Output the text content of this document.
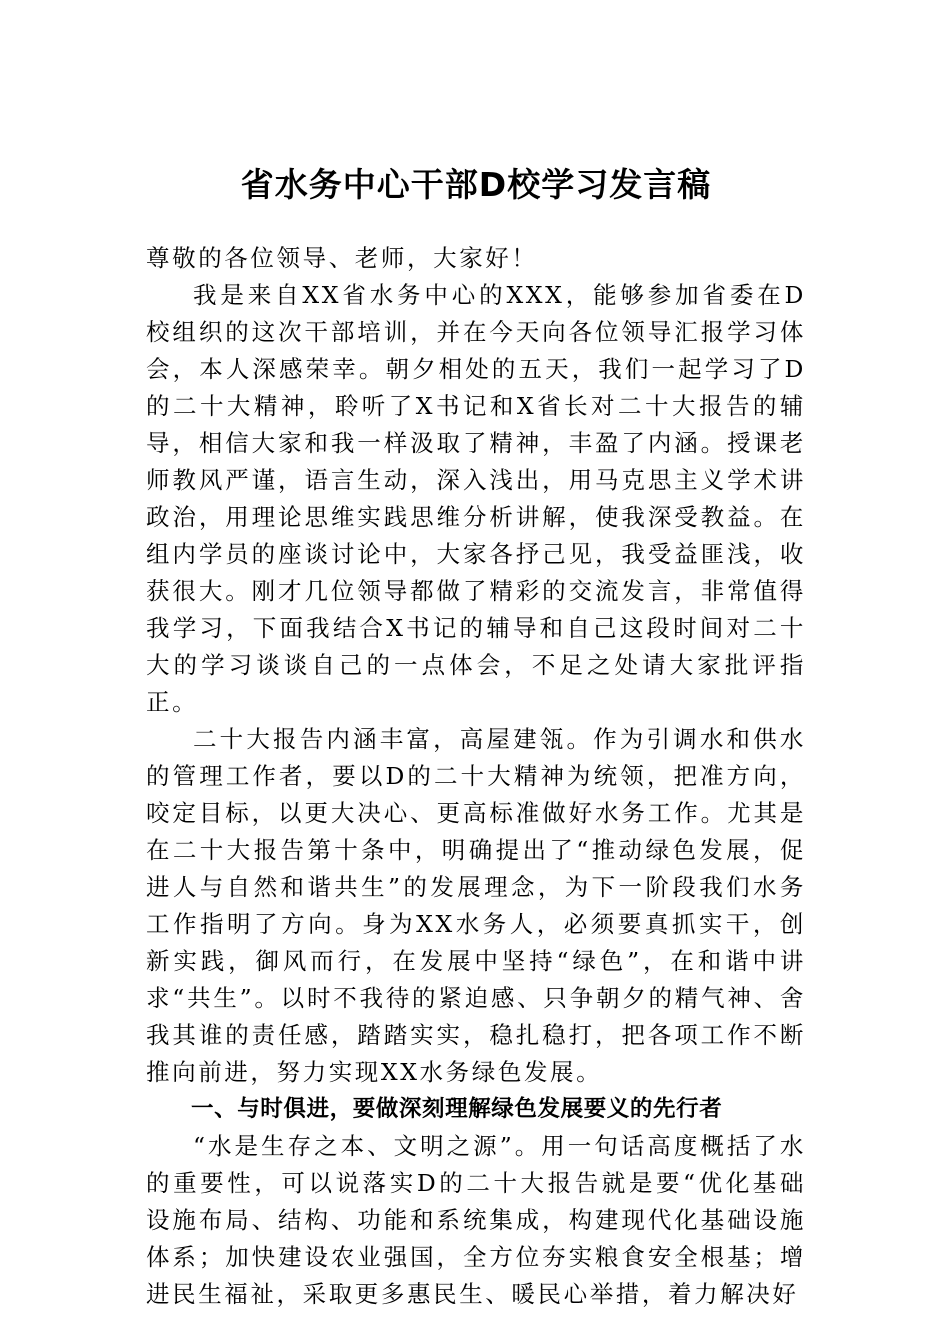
省水务中心干部D校学习发言稿

尊敬的各位领导、老师，大家好！

我是来自XX省水务中心的XXX，能够参加省委在D校组织的这次干部培训，并在今天向各位领导汇报学习体会，本人深感荣幸。朝夕相处的五天，我们一起学习了D的二十大精神，聆听了X书记和X省长对二十大报告的辅导，相信大家和我一样汲取了精神，丰盈了内涵。授课老师教风严谨，语言生动，深入浅出，用马克思主义学术讲政治，用理论思维实践思维分析讲解，使我深受教益。在组内学员的座谈讨论中，大家各抒己见，我受益匪浅，收获很大。刚才几位领导都做了精彩的交流发言，非常值得我学习，下面我结合X书记的辅导和自己这段时间对二十大的学习谈谈自己的一点体会，不足之处请大家批评指正。

二十大报告内涵丰富，高屋建瓴。作为引调水和供水的管理工作者，要以D的二十大精神为统领，把准方向，咬定目标，以更大决心、更高标准做好水务工作。尤其是在二十大报告第十条中，明确提出了“推动绿色发展，促进人与自然和谐共生”的发展理念，为下一阶段我们水务工作指明了方向。身为XX水务人，必须要真抓实干，创新实践，御风而行，在发展中坚持“绿色”，在和谐中讲求“共生”。以时不我待的紧迫感、只争朝夕的精气神、舍我其谁的责任感，踏踏实实，稳扎稳打，把各项工作不断推向前进，努力实现XX水务绿色发展。

一、与时俱进，要做深刻理解绿色发展要义的先行者

“水是生存之本、文明之源”。用一句话高度概括了水的重要性，可以说落实D的二十大报告就是要“优化基础设施布局、结构、功能和系统集成，构建现代化基础设施体系；加快建设农业强国，全方位夯实粮食安全根基；增进民生福祉，采取更多惠民生、暖民心举措，着力解决好
